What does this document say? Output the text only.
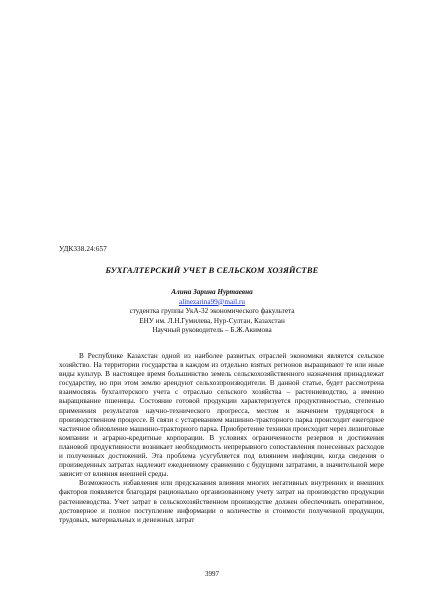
УДК338.24:657
БУХГАЛТЕРСКИЙ УЧЕТ В СЕЛЬСКОМ ХОЗЯЙСТВЕ
Алина Зарина Нуртаевна
alinezarina99@mail.ru
студентка группы УкА-32 экономического факультета
ЕНУ им. Л.Н.Гумилева, Нур-Султан, Казахстан
Научный руководитель – Б.Ж.Акимова

В Республике Казахстан одной из наиболее развитых отраслей экономики является сельское хозяйство. На территории государства в каждом из отдельно взятых регионов выращивают те или иные виды культур. В настоящее время большинство земель сельскохозяйственного назначения принадлежат государству, но при этом землю арендуют сельхозпроизводители. В данной статье, будет рассмотрена взаимосвязь бухгалтерского учета с отраслью сельского хозяйства – растениеводство, а именно выращивание пшеницы. Состояние готовой продукции характеризуется продуктивностью, степенью применения результатов научно-технического прогресса, местом и значением трудящегося в производственном процессе. В связи с устареванием машинно-тракторного парка происходит ежегодное частичное обновление машинно-тракторного парка. Приобретение техники происходит через лизинговые компании и аграрно-кредитные корпорации. В условиях ограниченности резервов и достижения плановой продуктивности возникает необходимость непрерывного сопоставления понесенных расходов и полученных достижений. Эта проблема усугубляется под влиянием инфляции, когда сведения о произведенных затратах надлежит ежедневному сравнению с будущими затратами, в значительной мере зависит от влияния внешней среды.

Возможность избавления или предсказания влияния многих негативных внутренних и внешних факторов появляется благодаря рационально организованному учету затрат на производство продукции растениеводства. Учет затрат в сельскохозяйственном производстве должен обеспечивать оперативное, достоверное и полное поступление информации о количестве и стоимости полученной продукции, трудовых, материальных и денежных затрат

3997
